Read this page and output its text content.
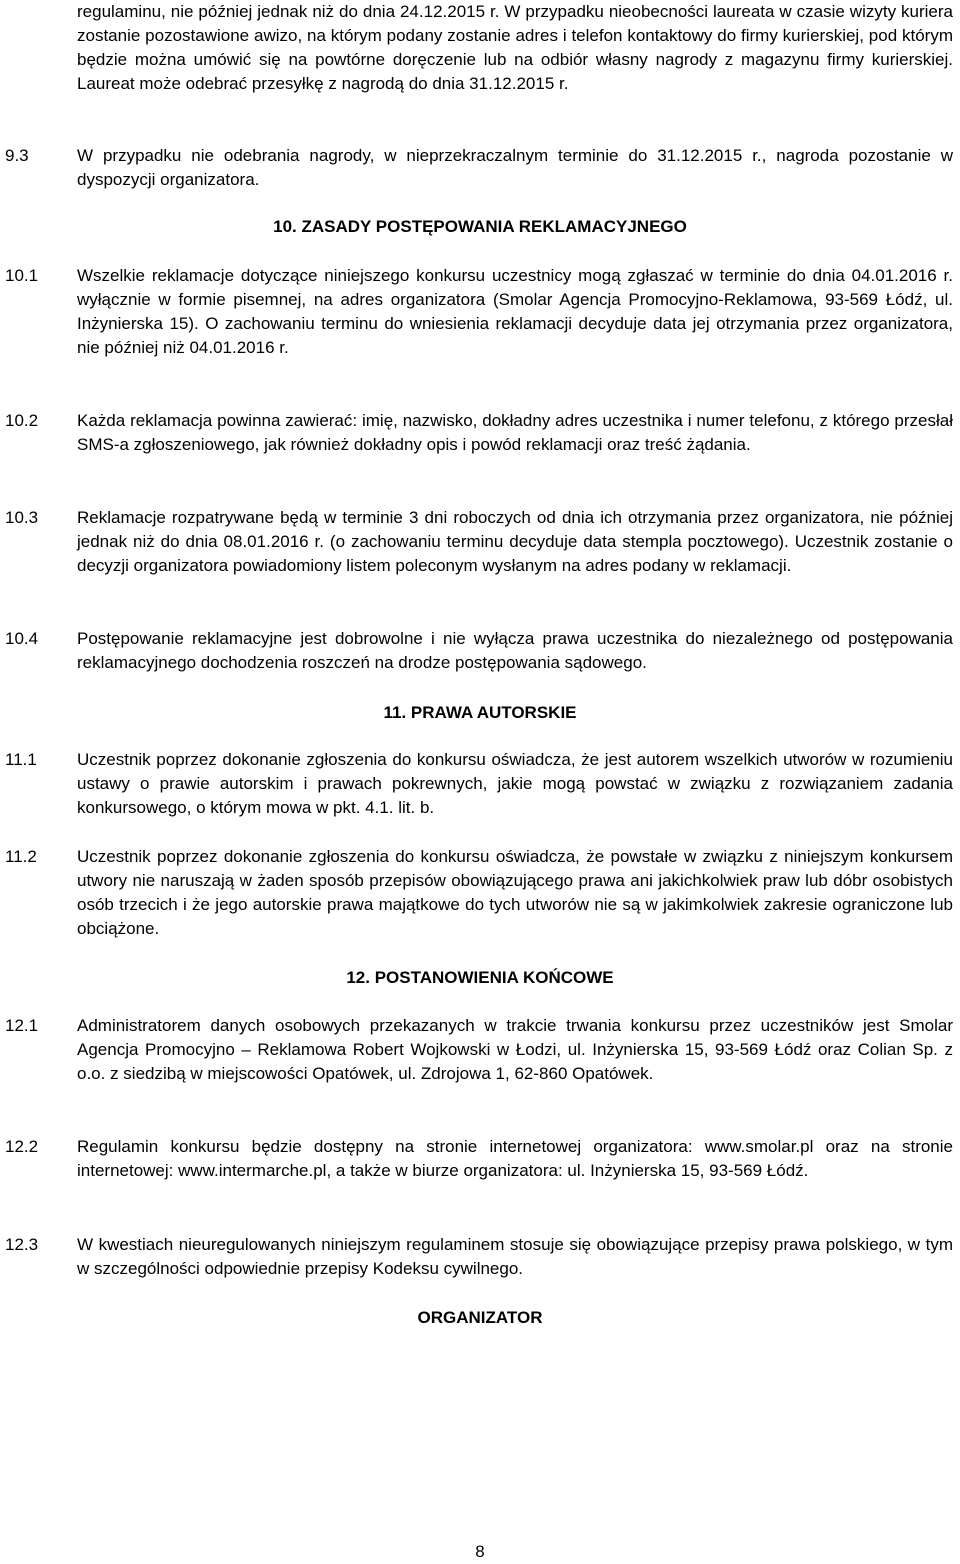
regulaminu, nie później jednak niż do dnia 24.12.2015 r. W przypadku nieobecności laureata w czasie wizyty kuriera zostanie pozostawione awizo, na którym podany zostanie adres i telefon kontaktowy do firmy kurierskiej, pod którym będzie można umówić się na powtórne doręczenie lub na odbiór własny nagrody z magazynu firmy kurierskiej. Laureat może odebrać przesyłkę z nagrodą do dnia 31.12.2015 r.
9.3	W przypadku nie odebrania nagrody, w nieprzekraczalnym terminie do 31.12.2015 r., nagroda pozostanie w dyspozycji organizatora.
10. ZASADY POSTĘPOWANIA REKLAMACYJNEGO
10.1	Wszelkie reklamacje dotyczące niniejszego konkursu uczestnicy mogą zgłaszać w terminie do dnia 04.01.2016 r. wyłącznie w formie pisemnej, na adres organizatora (Smolar Agencja Promocyjno-Reklamowa, 93-569 Łódź, ul. Inżynierska 15). O zachowaniu terminu do wniesienia reklamacji decyduje data jej otrzymania przez organizatora, nie później niż 04.01.2016 r.
10.2	Każda reklamacja powinna zawierać: imię, nazwisko, dokładny adres uczestnika i numer telefonu, z którego przesłał SMS-a zgłoszeniowego, jak również dokładny opis i powód reklamacji oraz treść żądania.
10.3	Reklamacje rozpatrywane będą w terminie 3 dni roboczych od dnia ich otrzymania przez organizatora, nie później jednak niż do dnia 08.01.2016 r. (o zachowaniu terminu decyduje data stempla pocztowego). Uczestnik zostanie o decyzji organizatora powiadomiony listem poleconym wysłanym na adres podany w reklamacji.
10.4	Postępowanie reklamacyjne jest dobrowolne i nie wyłącza prawa uczestnika do niezależnego od postępowania reklamacyjnego dochodzenia roszczeń na drodze postępowania sądowego.
11. PRAWA AUTORSKIE
11.1	Uczestnik poprzez dokonanie zgłoszenia do konkursu oświadcza, że jest autorem wszelkich utworów w rozumieniu ustawy o prawie autorskim i prawach pokrewnych, jakie mogą powstać w związku z rozwiązaniem zadania konkursowego, o którym mowa w pkt. 4.1. lit. b.
11.2	Uczestnik poprzez dokonanie zgłoszenia do konkursu oświadcza, że powstałe w związku z niniejszym konkursem utwory nie naruszają w żaden sposób przepisów obowiązującego prawa ani jakichkolwiek praw lub dóbr osobistych osób trzecich i że jego autorskie prawa majątkowe do tych utworów nie są w jakimkolwiek zakresie ograniczone lub obciążone.
12. POSTANOWIENIA KOŃCOWE
12.1	Administratorem danych osobowych przekazanych w trakcie trwania konkursu przez uczestników jest Smolar Agencja Promocyjno – Reklamowa Robert Wojkowski w Łodzi, ul. Inżynierska 15, 93-569 Łódź oraz Colian Sp. z o.o. z siedzibą w miejscowości Opatówek, ul. Zdrojowa 1, 62-860 Opatówek.
12.2	Regulamin konkursu będzie dostępny na stronie internetowej organizatora: www.smolar.pl oraz na stronie internetowej: www.intermarche.pl, a także w biurze organizatora: ul. Inżynierska 15, 93-569 Łódź.
12.3	W kwestiach nieuregulowanych niniejszym regulaminem stosuje się obowiązujące przepisy prawa polskiego, w tym w szczególności odpowiednie przepisy Kodeksu cywilnego.
ORGANIZATOR
8
